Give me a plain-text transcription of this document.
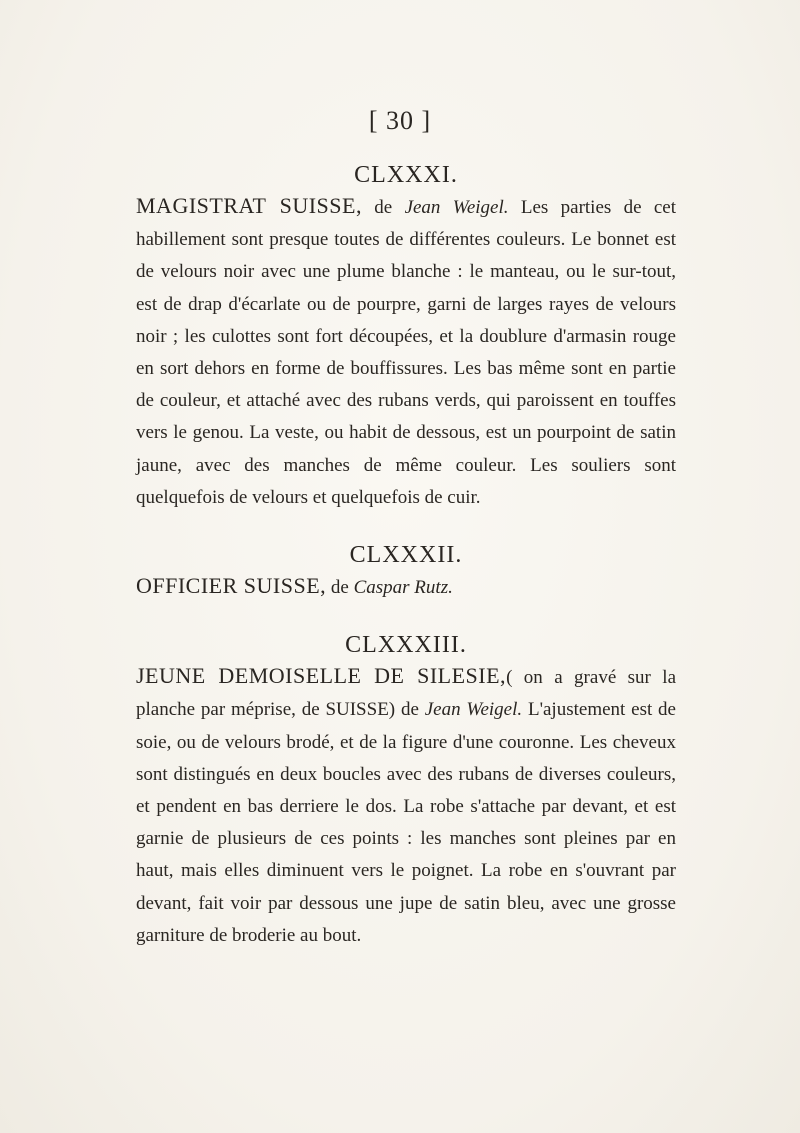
[ 30 ]

CLXXXI.

MAGISTRAT SUISSE, de Jean Weigel. Les parties de cet habillement sont presque toutes de différentes couleurs. Le bonnet est de velours noir avec une plume blanche : le manteau, ou le sur-tout, est de drap d'écarlate ou de pourpre, garni de larges rayes de velours noir ; les culottes sont fort découpées, et la doublure d'armasin rouge en sort dehors en forme de bouffissures. Les bas même sont en partie de couleur, et attaché avec des rubans verds, qui paroissent en touffes vers le genou. La veste, ou habit de dessous, est un pourpoint de satin jaune, avec des manches de même couleur. Les souliers sont quelquefois de velours et quelquefois de cuir.

CLXXXII.

OFFICIER SUISSE, de Caspar Rutz.

CLXXXIII.

JEUNE DEMOISELLE DE SILESIE,( on a gravé sur la planche par méprise, de SUISSE) de Jean Weigel. L'ajustement est de soie, ou de velours brodé, et de la figure d'une couronne. Les cheveux sont distingués en deux boucles avec des rubans de diverses couleurs, et pendent en bas derriere le dos. La robe s'attache par devant, et est garnie de plusieurs de ces points : les manches sont pleines par en haut, mais elles diminuent vers le poignet. La robe en s'ouvrant par devant, fait voir par dessous une jupe de satin bleu, avec une grosse garniture de broderie au bout.
